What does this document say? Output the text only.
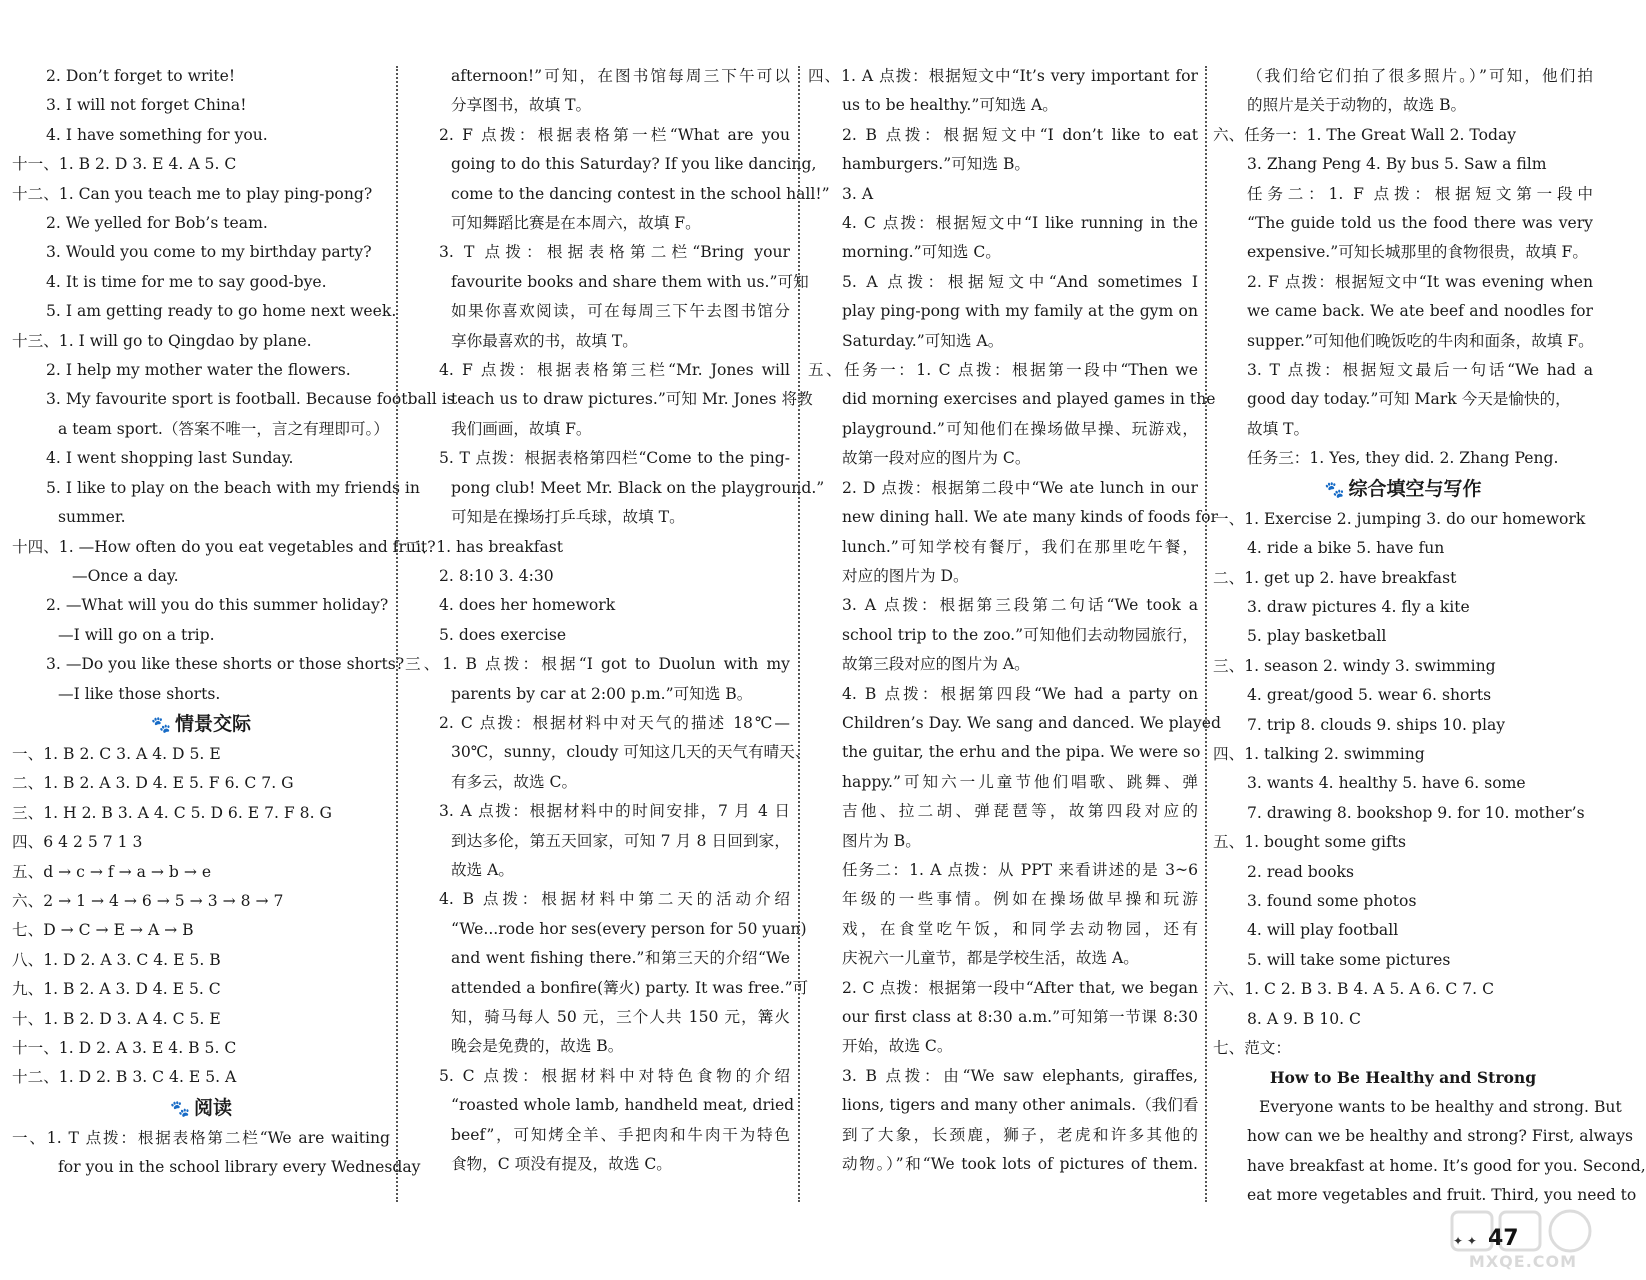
2. Don’t forget to write!
3. I will not forget China!
4. I have something for you.
十一、1. B 2. D 3. E 4. A 5. C
十二、1. Can you teach me to play ping-pong?
2. We yelled for Bob’s team.
3. Would you come to my birthday party?
4. It is time for me to say good-bye.
5. I am getting ready to go home next week.
十三、1. I will go to Qingdao by plane.
2. I help my mother water the flowers.
3. My favourite sport is football. Because football is
a team sport.（答案不唯一，言之有理即可。）
4. I went shopping last Sunday.
5. I like to play on the beach with my friends in
summer.
十四、1. —How often do you eat vegetables and fruit?
—Once a day.
2. —What will you do this summer holiday?
—I will go on a trip.
3. —Do you like these shorts or those shorts?
—I like those shorts.
🐾 情景交际
一、1. B 2. C 3. A 4. D 5. E
二、1. B 2. A 3. D 4. E 5. F 6. C 7. G
三、1. H 2. B 3. A 4. C 5. D 6. E 7. F 8. G
四、6 4 2 5 7 1 3
五、d → c → f → a → b → e
六、2 → 1 → 4 → 6 → 5 → 3 → 8 → 7
七、D → C → E → A → B
八、1. D 2. A 3. C 4. E 5. B
九、1. B 2. A 3. D 4. E 5. C
十、1. B 2. D 3. A 4. C 5. E
十一、1. D 2. A 3. E 4. B 5. C
十二、1. D 2. B 3. C 4. E 5. A
🐾 阅读
一、1. T 点拨：根据表格第二栏“We are waiting
for you in the school library every Wednesday
afternoon!”可知，在图书馆每周三下午可以
分享图书，故填 T。
2. F 点拨：根据表格第一栏“What are you
going to do this Saturday? If you like dancing,
come to the dancing contest in the school hall!”
可知舞蹈比赛是在本周六，故填 F。
3. T 点拨：根据表格第二栏“Bring your
favourite books and share them with us.”可知
如果你喜欢阅读，可在每周三下午去图书馆分
享你最喜欢的书，故填 T。
4. F 点拨：根据表格第三栏“Mr. Jones will
teach us to draw pictures.”可知 Mr. Jones 将教
我们画画，故填 F。
5. T 点拨：根据表格第四栏“Come to the ping-
pong club! Meet Mr. Black on the playground.”
可知是在操场打乒乓球，故填 T。
二、1. has breakfast
2. 8:10 3. 4:30
4. does her homework
5. does exercise
三、1. B 点拨：根据“I got to Duolun with my
parents by car at 2:00 p.m.”可知选 B。
2. C 点拨：根据材料中对天气的描述 18℃—
30℃，sunny，cloudy 可知这几天的天气有晴天、
有多云，故选 C。
3. A 点拨：根据材料中的时间安排，7 月 4 日
到达多伦，第五天回家，可知 7 月 8 日回到家，
故选 A。
4. B 点拨：根据材料中第二天的活动介绍
“We...rode hor ses(every person for 50 yuan)
and went fishing there.”和第三天的介绍“We
attended a bonfire(篝火) party. It was free.”可
知，骑马每人 50 元，三个人共 150 元，篝火
晚会是免费的，故选 B。
5. C 点拨：根据材料中对特色食物的介绍
“roasted whole lamb, handheld meat, dried
beef”，可知烤全羊、手把肉和牛肉干为特色
食物，C 项没有提及，故选 C。
四、1. A 点拨：根据短文中“It’s very important for
us to be healthy.”可知选 A。
2. B 点拨：根据短文中“I don’t like to eat
hamburgers.”可知选 B。
3. A
4. C 点拨：根据短文中“I like running in the
morning.”可知选 C。
5. A 点拨：根据短文中“And sometimes I
play ping-pong with my family at the gym on
Saturday.”可知选 A。
五、任务一：1. C 点拨：根据第一段中“Then we
did morning exercises and played games in the
playground.”可知他们在操场做早操、玩游戏，
故第一段对应的图片为 C。
2. D 点拨：根据第二段中“We ate lunch in our
new dining hall. We ate many kinds of foods for
lunch.”可知学校有餐厅，我们在那里吃午餐，
对应的图片为 D。
3. A 点拨：根据第三段第二句话“We took a
school trip to the zoo.”可知他们去动物园旅行，
故第三段对应的图片为 A。
4. B 点拨：根据第四段“We had a party on
Children’s Day. We sang and danced. We played
the guitar, the erhu and the pipa. We were so
happy.”可知六一儿童节他们唱歌、跳舞、弹
吉他、拉二胡、弹琵琶等，故第四段对应的
图片为 B。
任务二：1. A 点拨：从 PPT 来看讲述的是 3~6
年级的一些事情。例如在操场做早操和玩游
戏，在食堂吃午饭，和同学去动物园，还有
庆祝六一儿童节，都是学校生活，故选 A。
2. C 点拨：根据第一段中“After that, we began
our first class at 8:30 a.m.”可知第一节课 8:30
开始，故选 C。
3. B 点拨：由“We saw elephants, giraffes,
lions, tigers and many other animals.（我们看
到了大象，长颈鹿，狮子，老虎和许多其他的
动物。）”和“We took lots of pictures of them.
（我们给它们拍了很多照片。）”可知，他们拍
的照片是关于动物的，故选 B。
六、任务一：1. The Great Wall 2. Today
3. Zhang Peng 4. By bus 5. Saw a film
任务二：1. F 点拨：根据短文第一段中
“The guide told us the food there was very
expensive.”可知长城那里的食物很贵，故填 F。
2. F 点拨：根据短文中“It was evening when
we came back. We ate beef and noodles for
supper.”可知他们晚饭吃的牛肉和面条，故填 F。
3. T 点拨：根据短文最后一句话“We had a
good day today.”可知 Mark 今天是愉快的，
故填 T。
任务三：1. Yes, they did. 2. Zhang Peng.
🐾 综合填空与写作
一、1. Exercise 2. jumping 3. do our homework
4. ride a bike 5. have fun
二、1. get up 2. have breakfast
3. draw pictures 4. fly a kite
5. play basketball
三、1. season 2. windy 3. swimming
4. great/good 5. wear 6. shorts
7. trip 8. clouds 9. ships 10. play
四、1. talking 2. swimming
3. wants 4. healthy 5. have 6. some
7. drawing 8. bookshop 9. for 10. mother’s
五、1. bought some gifts
2. read books
3. found some photos
4. will play football
5. will take some pictures
六、1. C 2. B 3. B 4. A 5. A 6. C 7. C
8. A 9. B 10. C
七、范文：
How to Be Healthy and Strong
Everyone wants to be healthy and strong. But
how can we be healthy and strong? First, always
have breakfast at home. It’s good for you. Second,
eat more vegetables and fruit. Third, you need to
✦ ✦ 47
MXQE.COM
